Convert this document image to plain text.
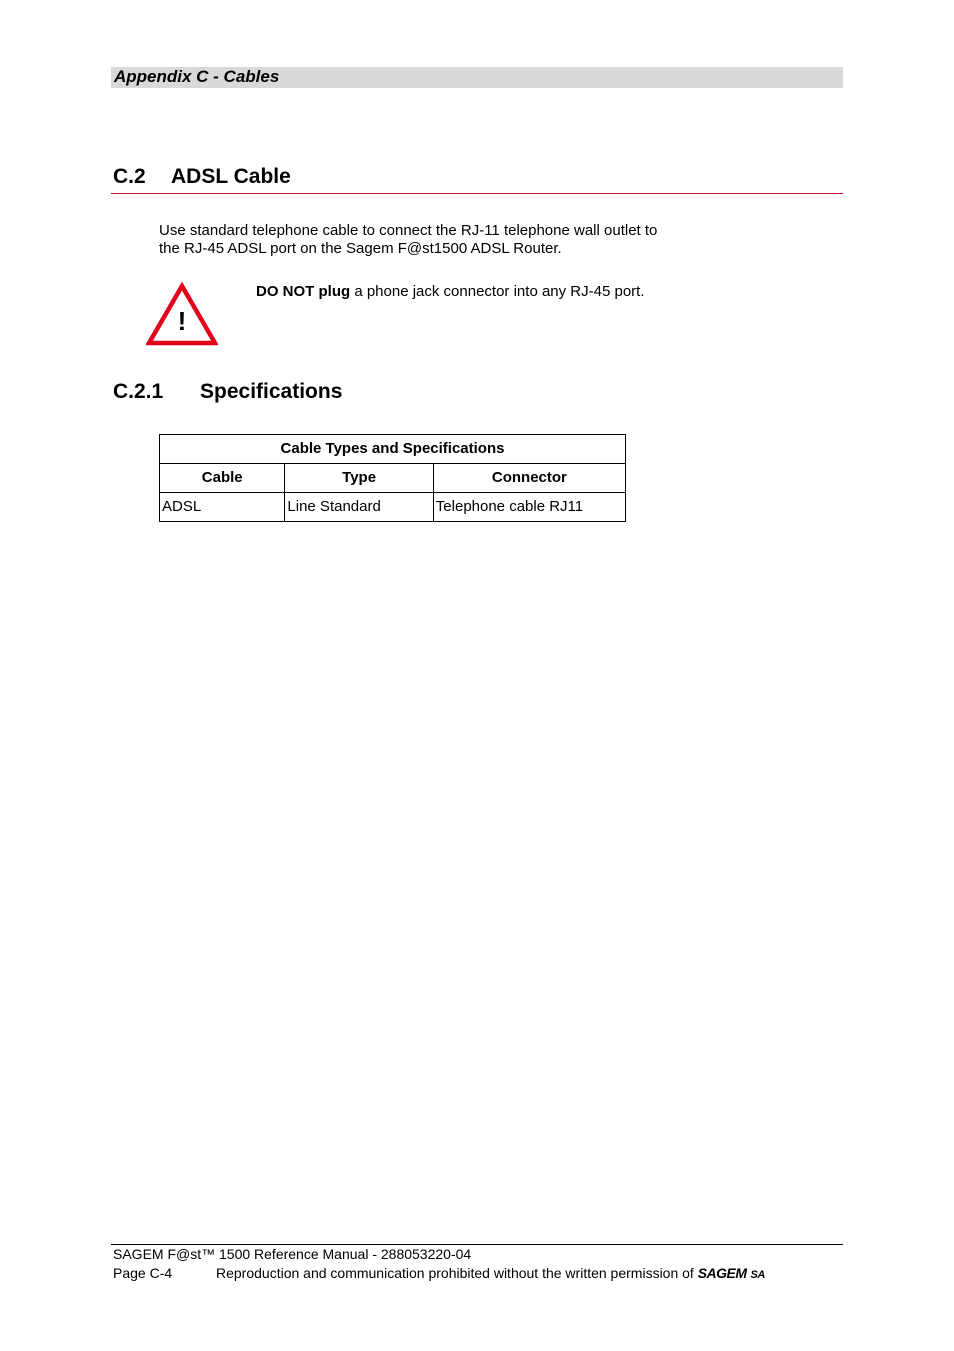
Appendix C - Cables
C.2 ADSL Cable
Use standard telephone cable to connect the RJ-11 telephone wall outlet to
the RJ-45 ADSL port on the Sagem F@st1500 ADSL Router.
!
DO NOT plug a phone jack connector into any RJ-45 port.
C.2.1 Specifications
Cable Types and Specifications		
Cable	Type	Connector
ADSL	Line Standard	Telephone cable RJ11
SAGEM F@st™ 1500 Reference Manual - 288053220-04
Page C-4	Reproduction and communication prohibited without the written permission of SAGEM SA
